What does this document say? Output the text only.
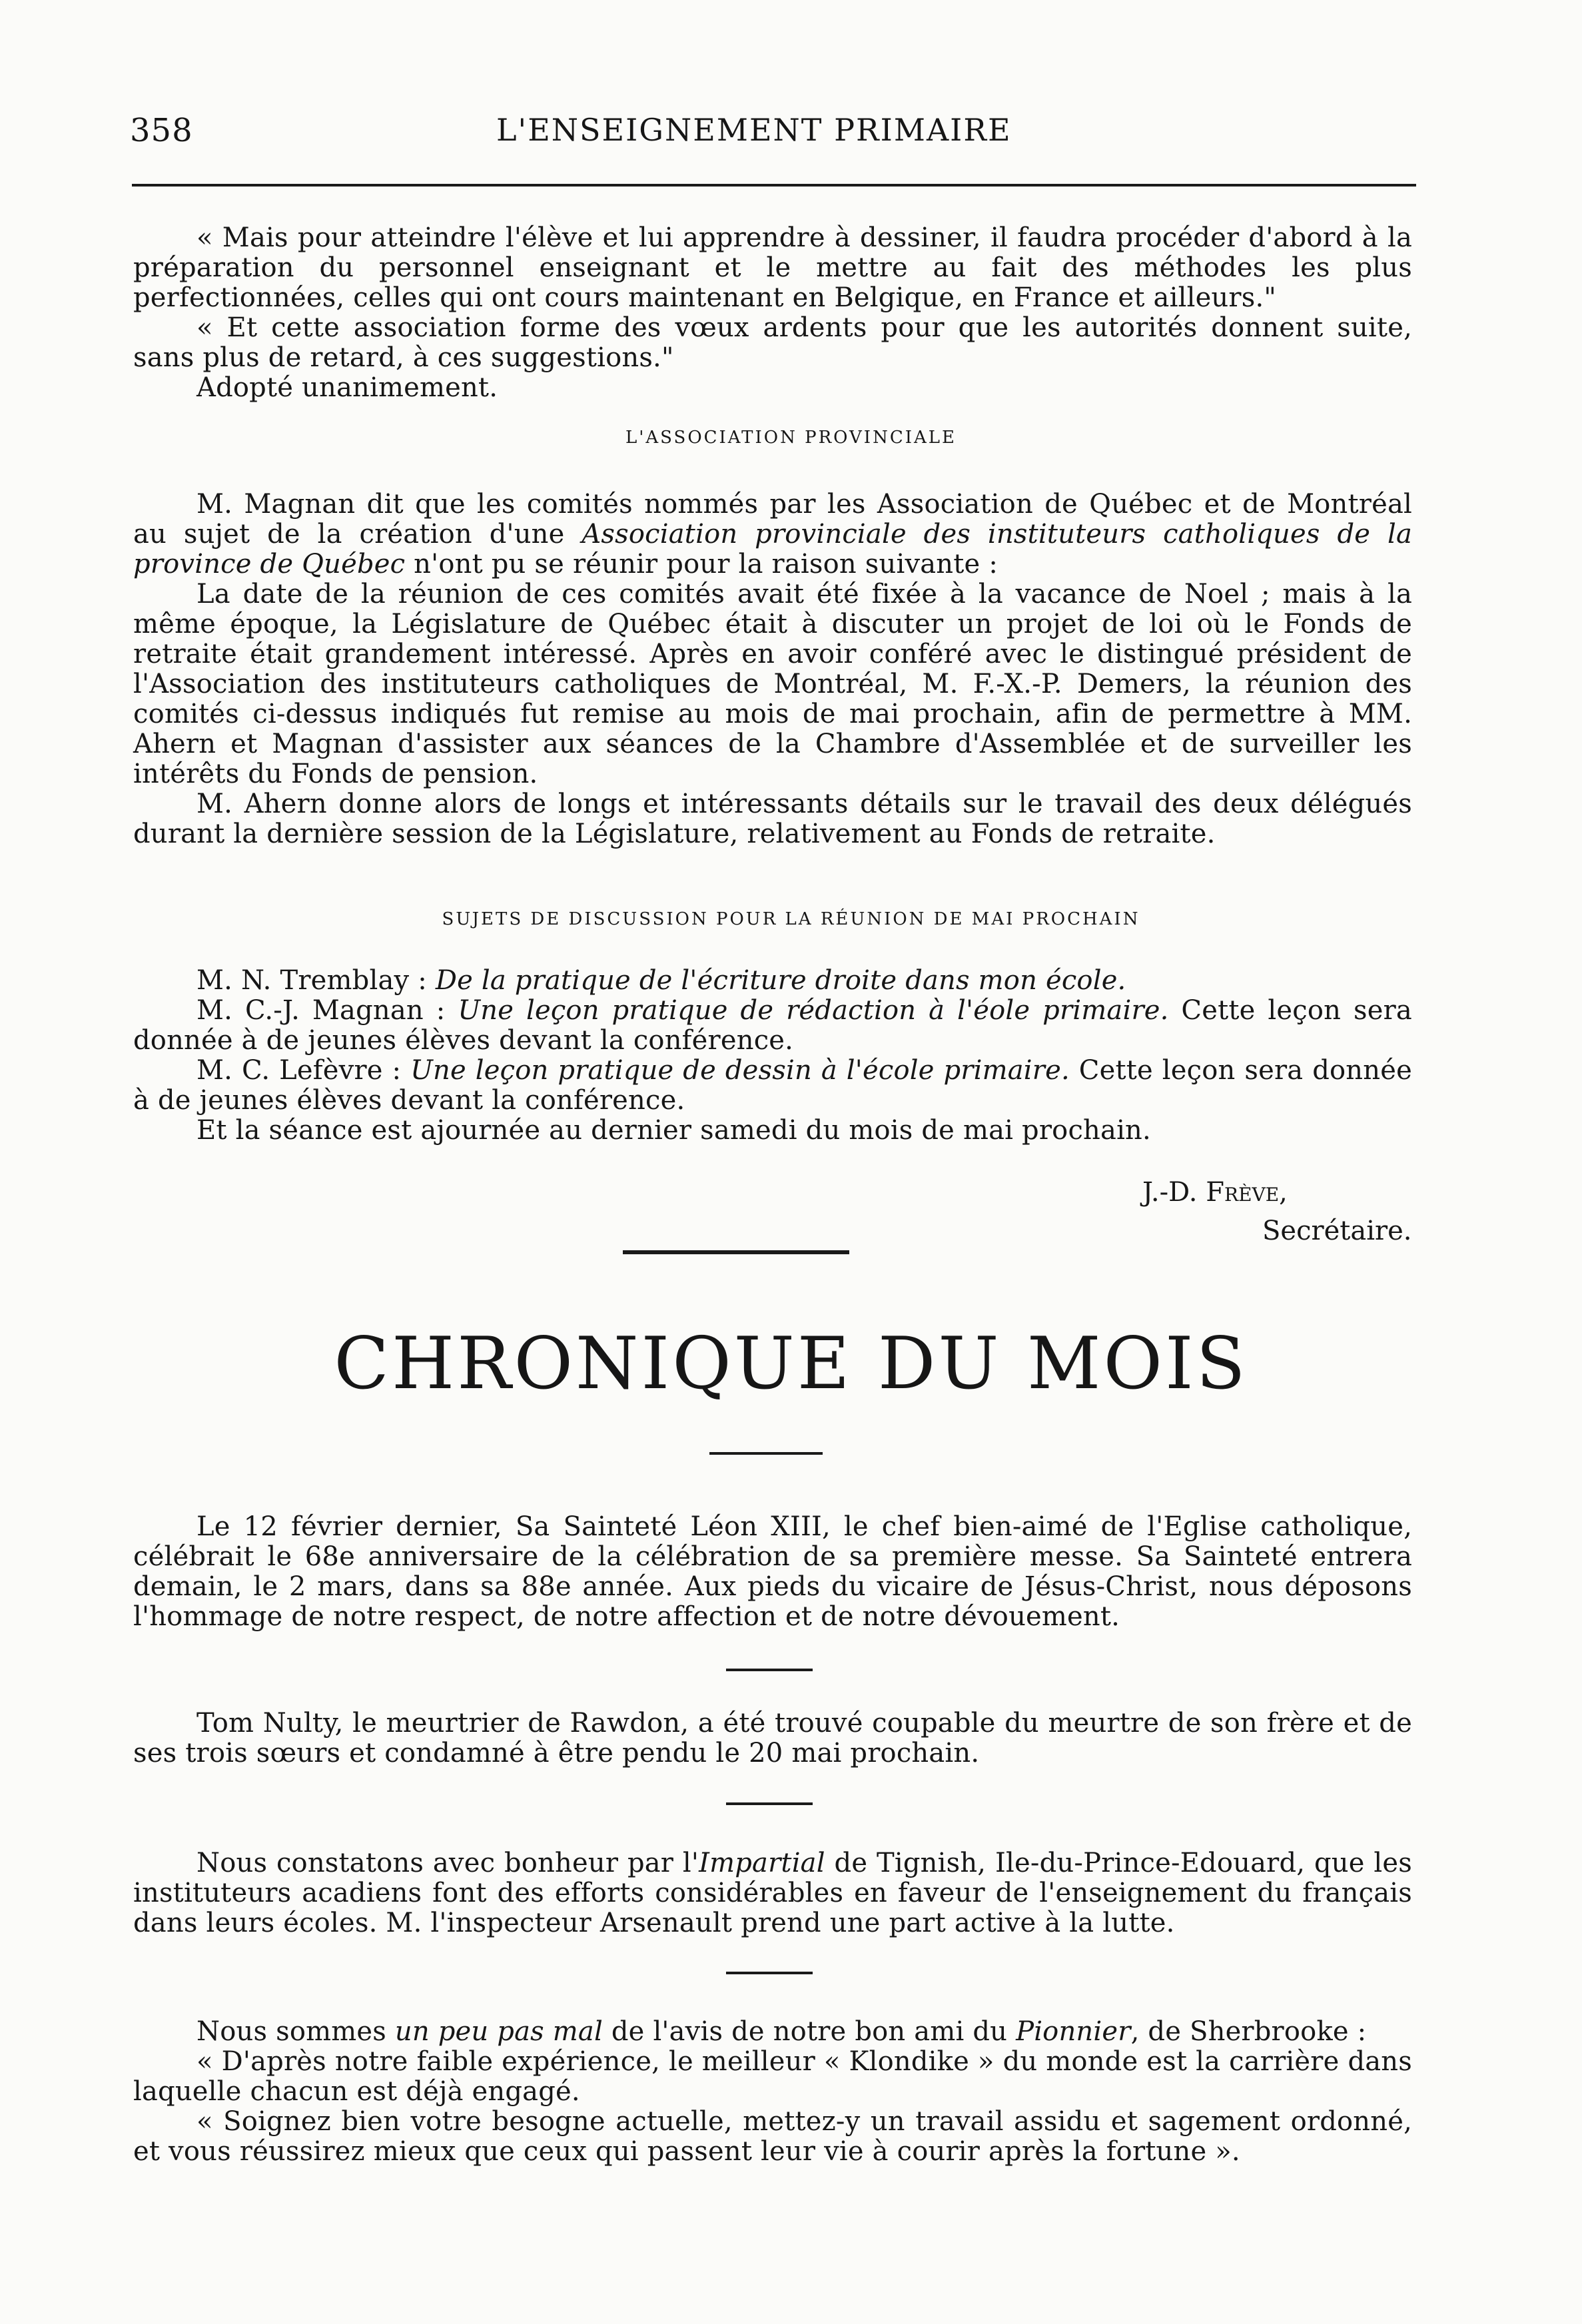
358	L'ENSEIGNEMENT PRIMAIRE

« Mais pour atteindre l'élève et lui apprendre à dessiner, il faudra procéder d'abord à la préparation du personnel enseignant et le mettre au fait des méthodes les plus perfectionnées, celles qui ont cours maintenant en Belgique, en France et ailleurs."

« Et cette association forme des vœux ardents pour que les autorités donnent suite, sans plus de retard, à ces suggestions."

Adopté unanimement.

L'ASSOCIATION PROVINCIALE

M. Magnan dit que les comités nommés par les Association de Québec et de Montréal au sujet de la création d'une Association provinciale des instituteurs catholiques de la province de Québec n'ont pu se réunir pour la raison suivante :

La date de la réunion de ces comités avait été fixée à la vacance de Noel ; mais à la même époque, la Législature de Québec était à discuter un projet de loi où le Fonds de retraite était grandement intéressé. Après en avoir conféré avec le distingué président de l'Association des instituteurs catholiques de Montréal, M. F.-X.-P. Demers, la réunion des comités ci-dessus indiqués fut remise au mois de mai prochain, afin de permettre à MM. Ahern et Magnan d'assister aux séances de la Chambre d'Assemblée et de surveiller les intérêts du Fonds de pension.

M. Ahern donne alors de longs et intéressants détails sur le travail des deux délégués durant la dernière session de la Législature, relativement au Fonds de retraite.

SUJETS DE DISCUSSION POUR LA RÉUNION DE MAI PROCHAIN

M. N. Tremblay : De la pratique de l'écriture droite dans mon école.

M. C.-J. Magnan : Une leçon pratique de rédaction à l'éole primaire. Cette leçon sera donnée à de jeunes élèves devant la conférence.

M. C. Lefèvre : Une leçon pratique de dessin à l'école primaire. Cette leçon sera donnée à de jeunes élèves devant la conférence.

Et la séance est ajournée au dernier samedi du mois de mai prochain.

J.-D. Frève,
Secrétaire.
CHRONIQUE DU MOIS

Le 12 février dernier, Sa Sainteté Léon XIII, le chef bien-aimé de l'Eglise catholique, célébrait le 68e anniversaire de la célébration de sa première messe. Sa Sainteté entrera demain, le 2 mars, dans sa 88e année. Aux pieds du vicaire de Jésus-Christ, nous déposons l'hommage de notre respect, de notre affection et de notre dévouement.

Tom Nulty, le meurtrier de Rawdon, a été trouvé coupable du meurtre de son frère et de ses trois sœurs et condamné à être pendu le 20 mai prochain.

Nous constatons avec bonheur par l'Impartial de Tignish, Ile-du-Prince-Edouard, que les instituteurs acadiens font des efforts considérables en faveur de l'enseignement du français dans leurs écoles. M. l'inspecteur Arsenault prend une part active à la lutte.

Nous sommes un peu pas mal de l'avis de notre bon ami du Pionnier, de Sherbrooke :

« D'après notre faible expérience, le meilleur « Klondike » du monde est la carrière dans laquelle chacun est déjà engagé.

« Soignez bien votre besogne actuelle, mettez-y un travail assidu et sagement ordonné, et vous réussirez mieux que ceux qui passent leur vie à courir après la fortune ».
